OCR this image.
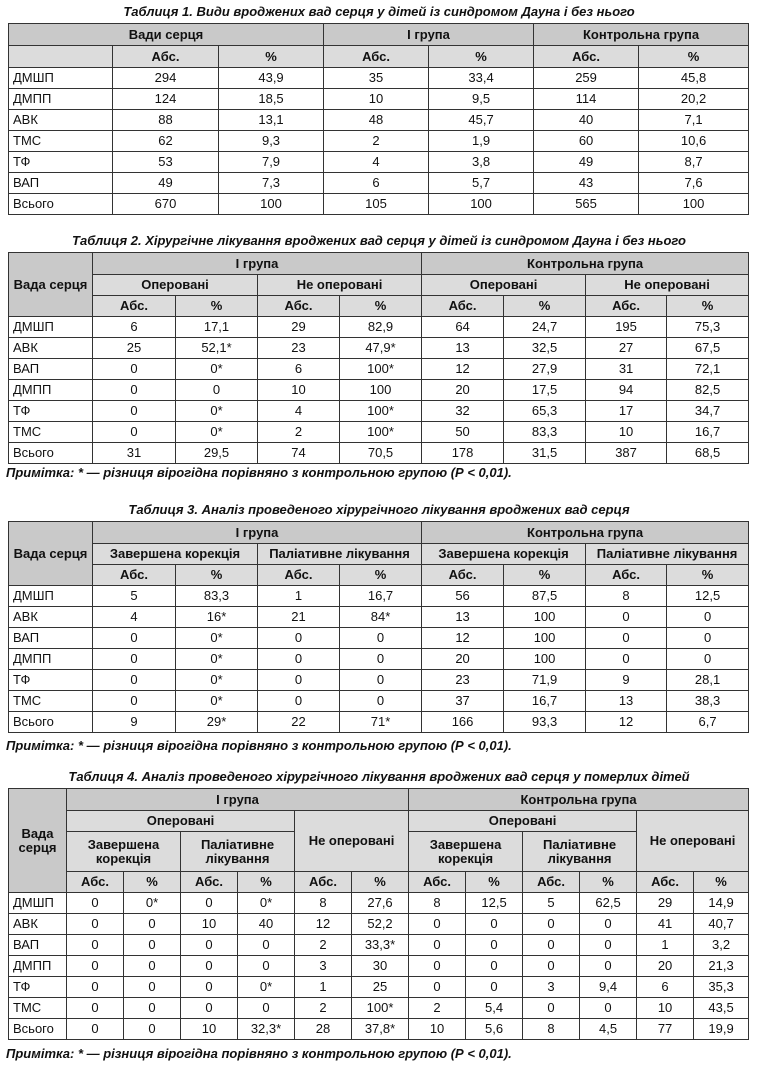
Таблиця 1. Види вроджених вад серця у дітей із синдромом Дауна і без нього
Вади серця			I група		Контрольна група	
	Абс.	%	Абс.	%	Абс.	%
ДМШП	294	43,9	35	33,4	259	45,8
ДМПП	124	18,5	10	9,5	114	20,2
АВК	88	13,1	48	45,7	40	7,1
ТМС	62	9,3	2	1,9	60	10,6
ТФ	53	7,9	4	3,8	49	8,7
ВАП	49	7,3	6	5,7	43	7,6
Всього	670	100	105	100	565	100
Таблиця 2. Хірургічне лікування вроджених вад серця у дітей із синдромом Дауна і без нього
Вада серця	I група				Контрольна група			
	Оперовані		Не оперовані		Оперовані		Не оперовані	
	Абс.	%	Абс.	%	Абс.	%	Абс.	%
ДМШП	6	17,1	29	82,9	64	24,7	195	75,3
АВК	25	52,1*	23	47,9*	13	32,5	27	67,5
ВАП	0	0*	6	100*	12	27,9	31	72,1
ДМПП	0	0	10	100	20	17,5	94	82,5
ТФ	0	0*	4	100*	32	65,3	17	34,7
ТМС	0	0*	2	100*	50	83,3	10	16,7
Всього	31	29,5	74	70,5	178	31,5	387	68,5
Примітка: * — різниця вірогідна порівняно з контрольною групою (Р < 0,01).
Таблиця 3. Аналіз проведеного хірургічного лікування вроджених вад серця
Вада серця	I група				Контрольна група			
	Завершена корекція		Паліативне лікування		Завершена корекція		Паліативне лікування	
	Абс.	%	Абс.	%	Абс.	%	Абс.	%
ДМШП	5	83,3	1	16,7	56	87,5	8	12,5
АВК	4	16*	21	84*	13	100	0	0
ВАП	0	0*	0	0	12	100	0	0
ДМПП	0	0*	0	0	20	100	0	0
ТФ	0	0*	0	0	23	71,9	9	28,1
ТМС	0	0*	0	0	37	16,7	13	38,3
Всього	9	29*	22	71*	166	93,3	12	6,7
Примітка: * — різниця вірогідна порівняно з контрольною групою (Р < 0,01).
Таблиця 4. Аналіз проведеного хірургічного лікування вроджених вад серця у померлих дітей
Вада серця	I група						Контрольна група					
	Оперовані				Не оперовані		Оперовані				Не оперовані	
	Завершена корекція		Паліативне лікування				Завершена корекція		Паліативне лікування			
	Абс.	%	Абс.	%	Абс.	%	Абс.	%	Абс.	%	Абс.	%
ДМШП	0	0*	0	0*	8	27,6	8	12,5	5	62,5	29	14,9
АВК	0	0	10	40	12	52,2	0	0	0	0	41	40,7
ВАП	0	0	0	0	2	33,3*	0	0	0	0	1	3,2
ДМПП	0	0	0	0	3	30	0	0	0	0	20	21,3
ТФ	0	0	0	0*	1	25	0	0	3	9,4	6	35,3
ТМС	0	0	0	0	2	100*	2	5,4	0	0	10	43,5
Всього	0	0	10	32,3*	28	37,8*	10	5,6	8	4,5	77	19,9
Примітка: * — різниця вірогідна порівняно з контрольною групою (Р < 0,01).
